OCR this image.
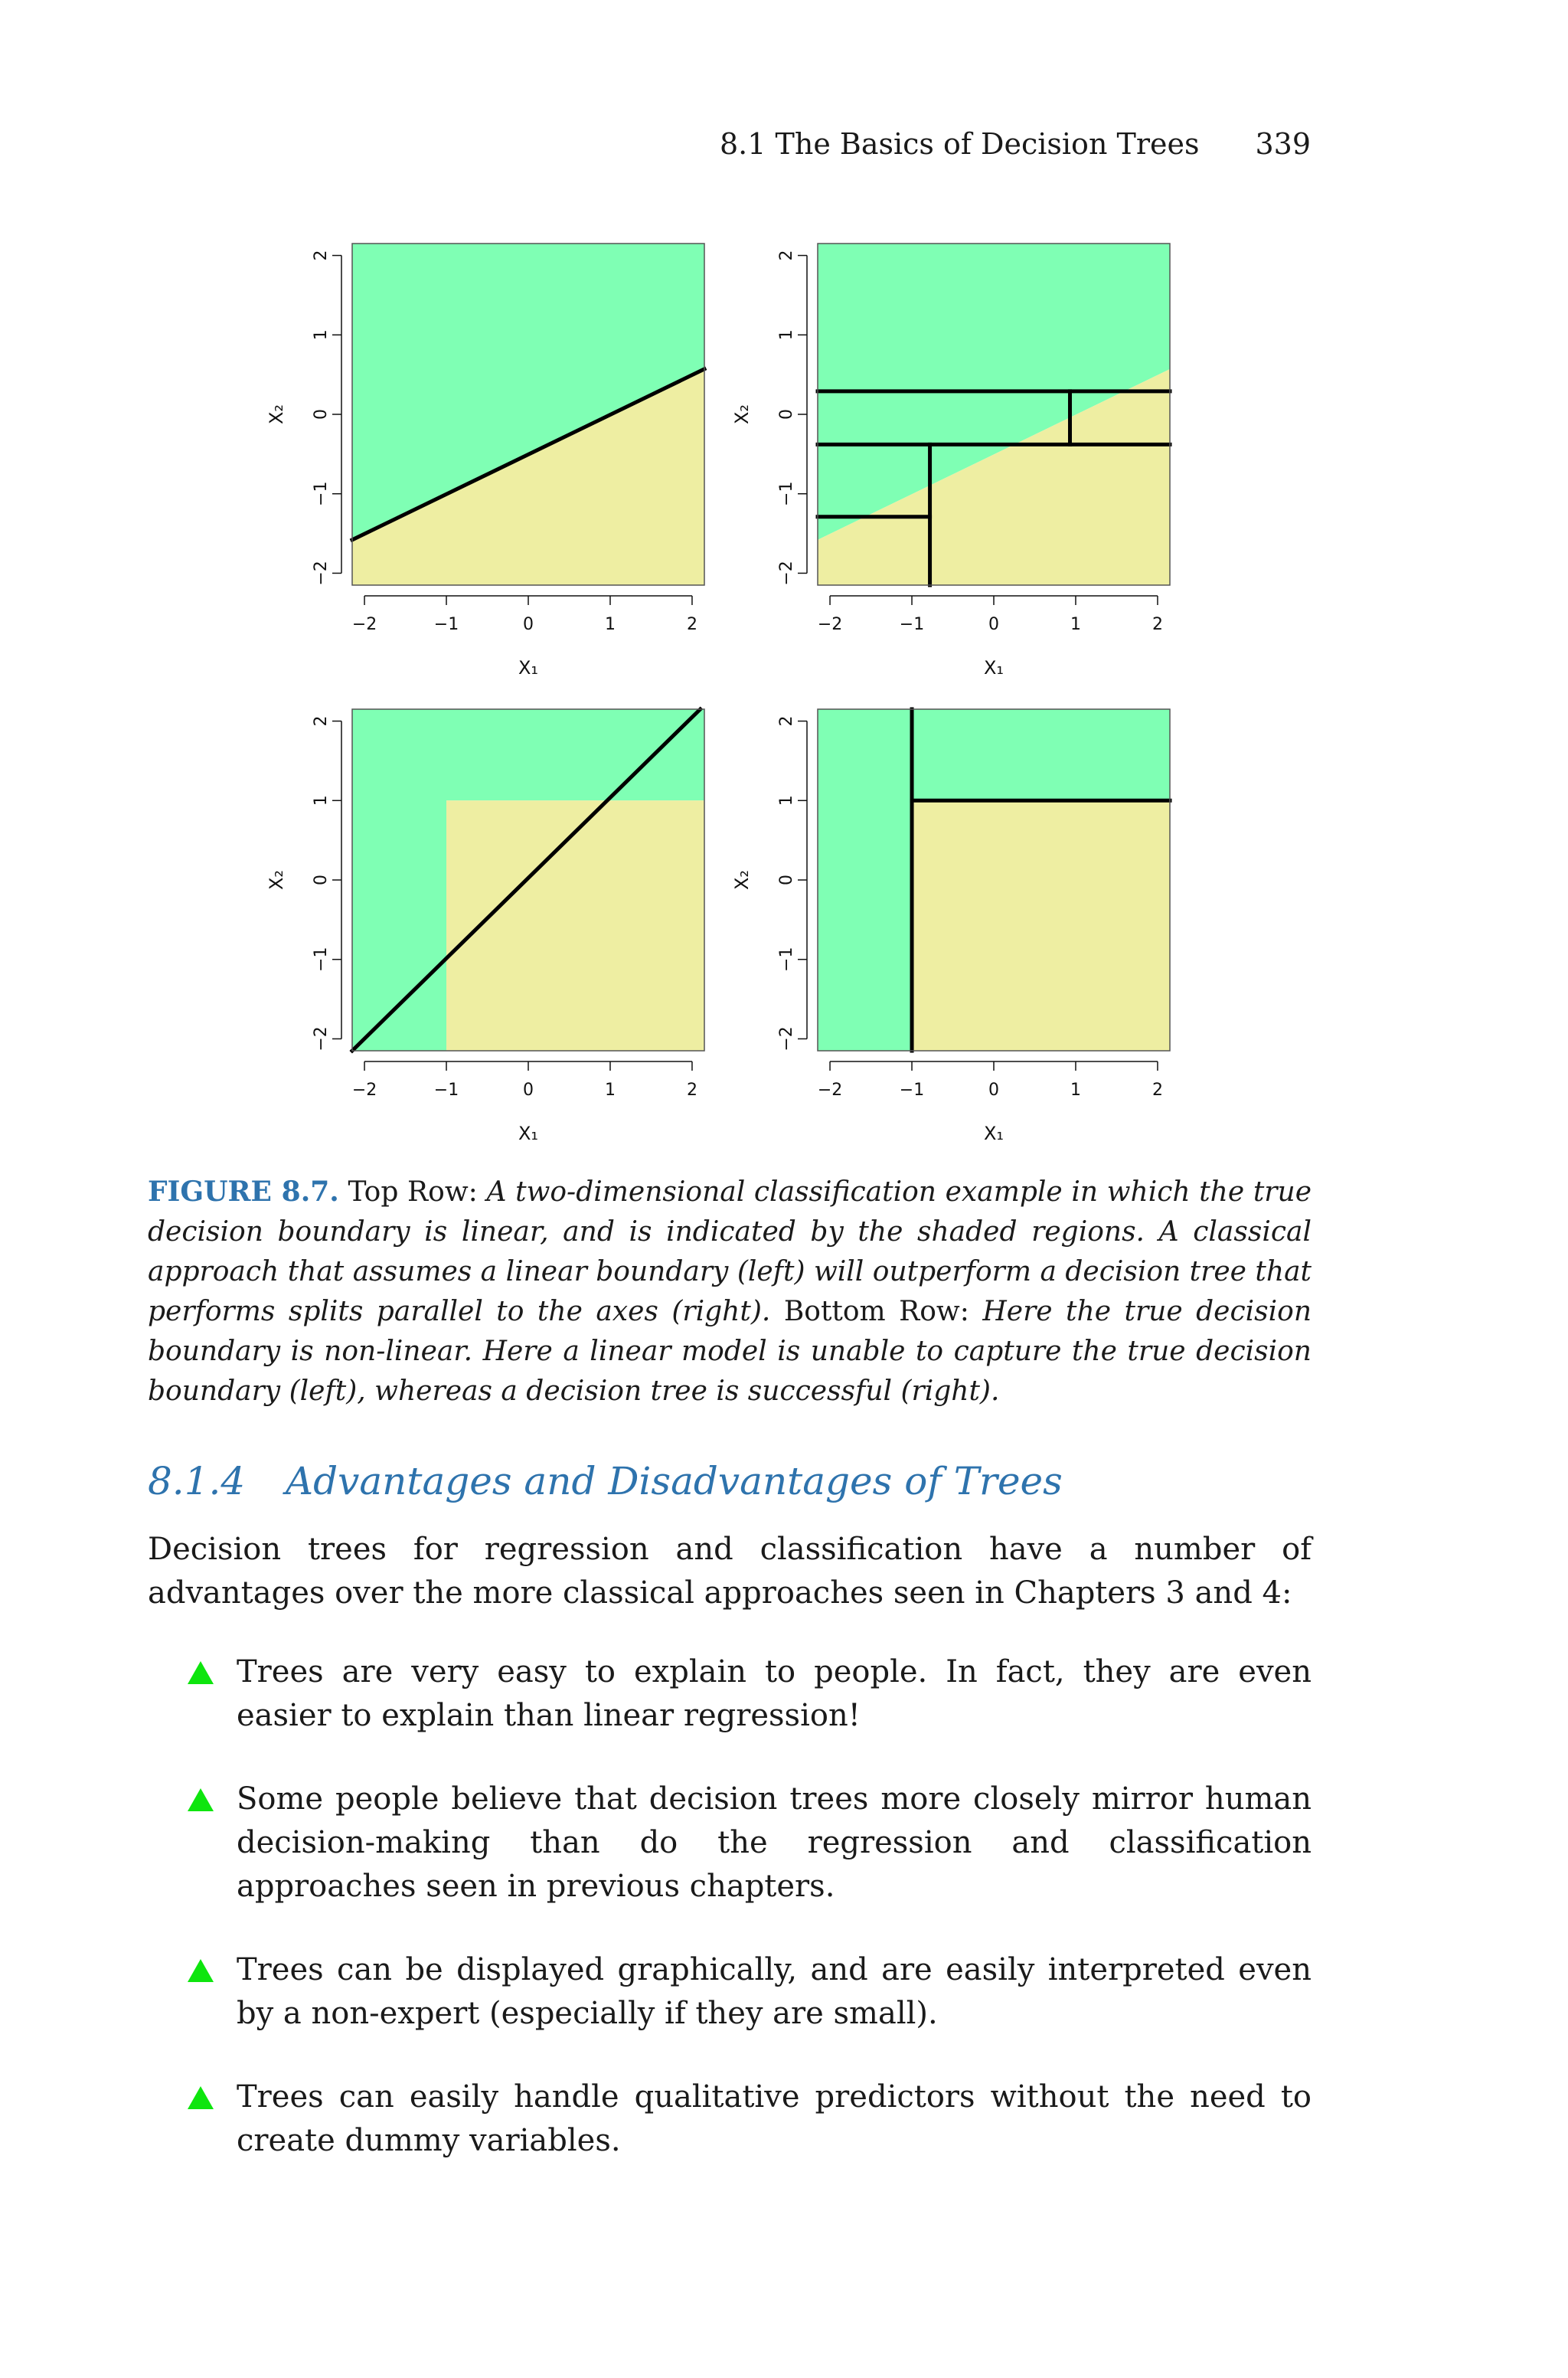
8.1 The Basics of Decision Trees 339
−2	−1	0	1	2
X₁
−2
−1
0
1
2
X₂
−2	−1	0	1	2
X₁
−2
−1
0
1
2
X₂
−2	−1	0	1	2
X₁
−2
−1
0
1
2
X₂
−2	−1	0	1	2
X₁
−2
−1
0
1
2
X₂
FIGURE 8.7. Top Row: A two-dimensional classification example in which the true decision boundary is linear, and is indicated by the shaded regions. A classical approach that assumes a linear boundary (left) will outperform a decision tree that performs splits parallel to the axes (right). Bottom Row: Here the true decision boundary is non-linear. Here a linear model is unable to capture the true decision boundary (left), whereas a decision tree is successful (right).
8.1.4 Advantages and Disadvantages of Trees

Decision trees for regression and classification have a number of advantages over the more classical approaches seen in Chapters 3 and 4:

Trees are very easy to explain to people. In fact, they are even easier to explain than linear regression!
Some people believe that decision trees more closely mirror human decision-making than do the regression and classification approaches seen in previous chapters.
Trees can be displayed graphically, and are easily interpreted even by a non-expert (especially if they are small).
Trees can easily handle qualitative predictors without the need to create dummy variables.
